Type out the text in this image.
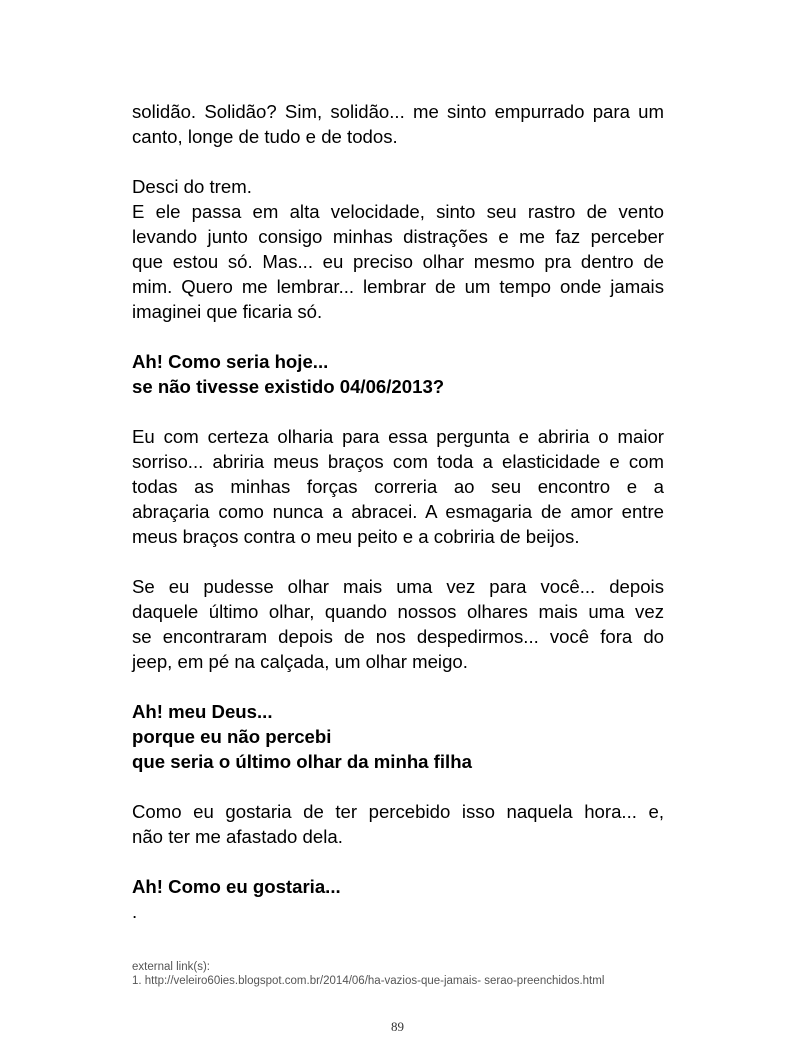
solidão. Solidão? Sim, solidão... me sinto empurrado para um
canto, longe de tudo e de todos.

Desci do trem.

E ele passa em alta velocidade, sinto seu rastro de vento
levando junto consigo minhas distrações e me faz perceber
que estou só. Mas... eu preciso olhar mesmo pra dentro de
mim. Quero me lembrar... lembrar de um tempo onde jamais
imaginei que ficaria só.

Ah! Como seria hoje...
se não tivesse existido 04/06/2013?

Eu com certeza olharia para essa pergunta e abriria o maior
sorriso... abriria meus braços com toda a elasticidade e com
todas as minhas forças correria ao seu encontro e a
abraçaria como nunca a abracei. A esmagaria de amor entre
meus braços contra o meu peito e a cobriria de beijos.

Se eu pudesse olhar mais uma vez para você... depois
daquele último olhar, quando nossos olhares mais uma vez
se encontraram depois de nos despedirmos... você fora do
jeep, em pé na calçada, um olhar meigo.

Ah! meu Deus...
porque eu não percebi
que seria o último olhar da minha filha

Como eu gostaria de ter percebido isso naquela hora... e,
não ter me afastado dela.

Ah! Como eu gostaria...

.

external link(s):

1. http://veleiro60ies.blogspot.com.br/2014/06/ha-vazios-que-jamais- serao-preenchidos.html

89
